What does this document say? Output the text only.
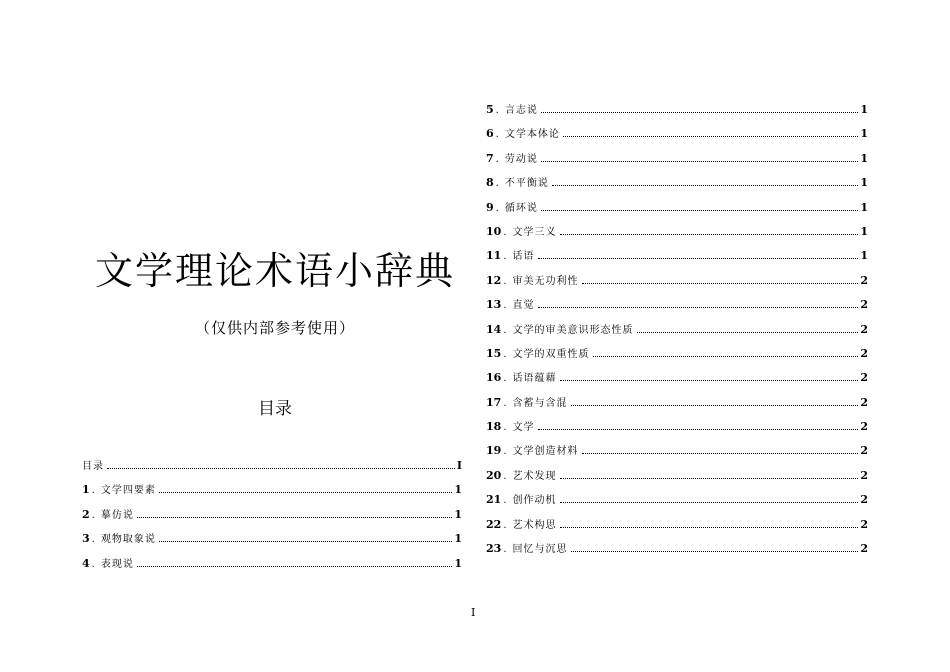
文学理论术语小辞典
（仅供内部参考使用）
目录
目录	I
1 . 文学四要素	1
2 . 摹仿说	1
3 . 观物取象说	1
4 . 表现说	1
5 . 言志说	1
6 . 文学本体论	1
7 . 劳动说	1
8 . 不平衡说	1
9 . 循环说	1
10 . 文学三义	1
11 . 话语	1
12 . 审美无功利性	2
13 . 直觉	2
14 . 文学的审美意识形态性质	2
15 . 文学的双重性质	2
16 . 话语蕴藉	2
17 . 含蓄与含混	2
18 . 文学	2
19 . 文学创造材料	2
20 . 艺术发现	2
21 . 创作动机	2
22 . 艺术构思	2
23 . 回忆与沉思	2
I
